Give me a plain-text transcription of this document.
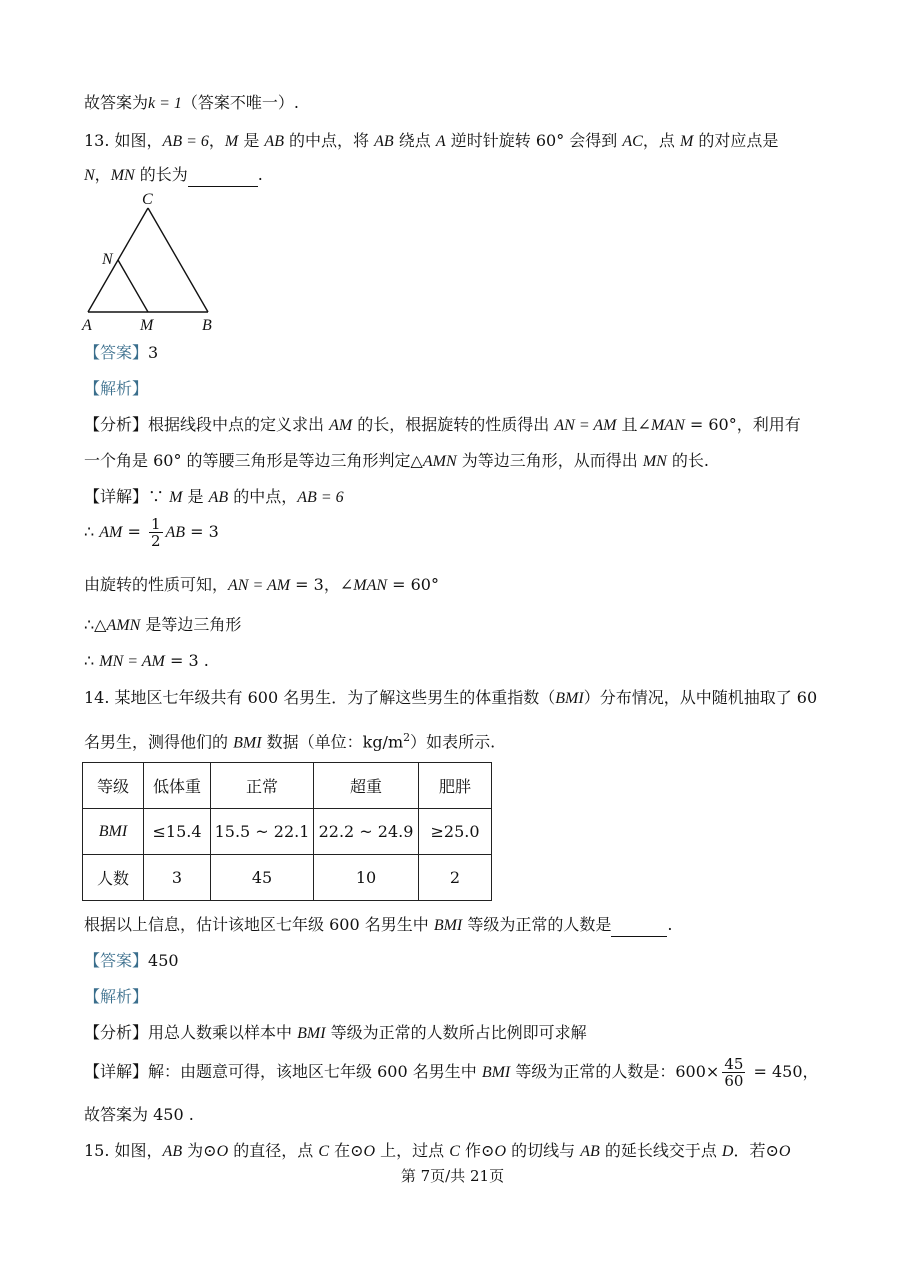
故答案为k = 1（答案不唯一）.
13. 如图，AB = 6，M 是 AB 的中点，将 AB 绕点 A 逆时针旋转 60° 会得到 AC，点 M 的对应点是
N，MN 的长为	.
C
N
A	M	B
【答案】3
【解析】
【分析】根据线段中点的定义求出 AM 的长，根据旋转的性质得出 AN = AM 且∠MAN = 60°，利用有
一个角是 60° 的等腰三角形是等边三角形判定△AMN 为等边三角形，从而得出 MN 的长.
【详解】∵ M 是 AB 的中点，AB = 6
∴ AM = $\frac{1}{2}$ AB = 3
由旋转的性质可知，AN = AM = 3，∠MAN = 60°
∴△AMN 是等边三角形
∴ MN = AM = 3 .
14. 某地区七年级共有 600 名男生．为了解这些男生的体重指数（BMI）分布情况，从中随机抽取了 60
名男生，测得他们的 BMI 数据（单位：$kg/m^2$）如表所示.
等级	低体重	正常	超重	肥胖
BMI	≤15.4	15.5 ~ 22.1	22.2 ~ 24.9	≥25.0
人数	3	45	10	2
根据以上信息，估计该地区七年级 600 名男生中 BMI 等级为正常的人数是	.
【答案】450
【解析】
【分析】用总人数乘以样本中 BMI 等级为正常的人数所占比例即可求解
【详解】解：由题意可得，该地区七年级 600 名男生中 BMI 等级为正常的人数是：$600\times \frac{45}{60} = 450$，
故答案为 450 .
15. 如图，AB 为⊙O 的直径，点 C 在⊙O 上，过点 C 作⊙O 的切线与 AB 的延长线交于点 D．若⊙O
第 7页/共 21页
